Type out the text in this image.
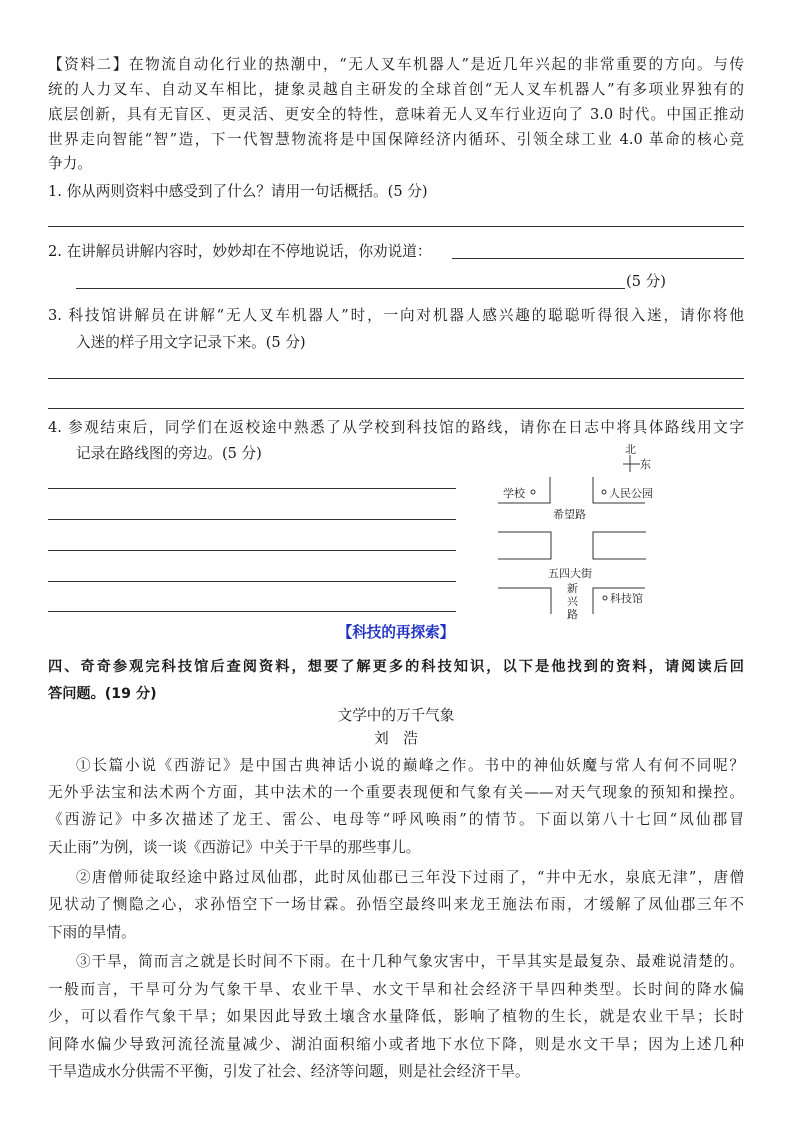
【资料二】在物流自动化行业的热潮中，“无人叉车机器人”是近几年兴起的非常重要的方向。与传
统的人力叉车、自动叉车相比，捷象灵越自主研发的全球首创“无人叉车机器人”有多项业界独有的
底层创新，具有无盲区、更灵活、更安全的特性，意味着无人叉车行业迈向了 3.0 时代。中国正推动
世界走向智能“智”造，下一代智慧物流将是中国保障经济内循环、引领全球工业 4.0 革命的核心竞
争力。
1. 你从两则资料中感受到了什么？请用一句话概括。(5 分)
2. 在讲解员讲解内容时，妙妙却在不停地说话，你劝说道：
(5 分)
3. 科技馆讲解员在讲解“无人叉车机器人”时，一向对机器人感兴趣的聪聪听得很入迷，请你将他
入迷的样子用文字记录下来。(5 分)
4. 参观结束后，同学们在返校途中熟悉了从学校到科技馆的路线，请你在日志中将具体路线用文字
记录在路线图的旁边。(5 分)	北
东
学校	人民公园
希望路
五四大街
新
兴
路
科技馆
【科技的再探索】
四、奇奇参观完科技馆后查阅资料，想要了解更多的科技知识，以下是他找到的资料，请阅读后回
答问题。(19 分)
文学中的万千气象
刘　浩
①长篇小说《西游记》是中国古典神话小说的巅峰之作。书中的神仙妖魔与常人有何不同呢？
无外乎法宝和法术两个方面，其中法术的一个重要表现便和气象有关——对天气现象的预知和操控。
《西游记》中多次描述了龙王、雷公、电母等“呼风唤雨”的情节。下面以第八十七回“凤仙郡冒
天止雨”为例，谈一谈《西游记》中关于干旱的那些事儿。
②唐僧师徒取经途中路过凤仙郡，此时凤仙郡已三年没下过雨了，“井中无水，泉底无津”，唐僧
见状动了恻隐之心，求孙悟空下一场甘霖。孙悟空最终叫来龙王施法布雨，才缓解了凤仙郡三年不
下雨的旱情。
③干旱，简而言之就是长时间不下雨。在十几种气象灾害中，干旱其实是最复杂、最难说清楚的。
一般而言，干旱可分为气象干旱、农业干旱、水文干旱和社会经济干旱四种类型。长时间的降水偏
少，可以看作气象干旱；如果因此导致土壤含水量降低，影响了植物的生长，就是农业干旱；长时
间降水偏少导致河流径流量减少、湖泊面积缩小或者地下水位下降，则是水文干旱；因为上述几种
干旱造成水分供需不平衡，引发了社会、经济等问题，则是社会经济干旱。
